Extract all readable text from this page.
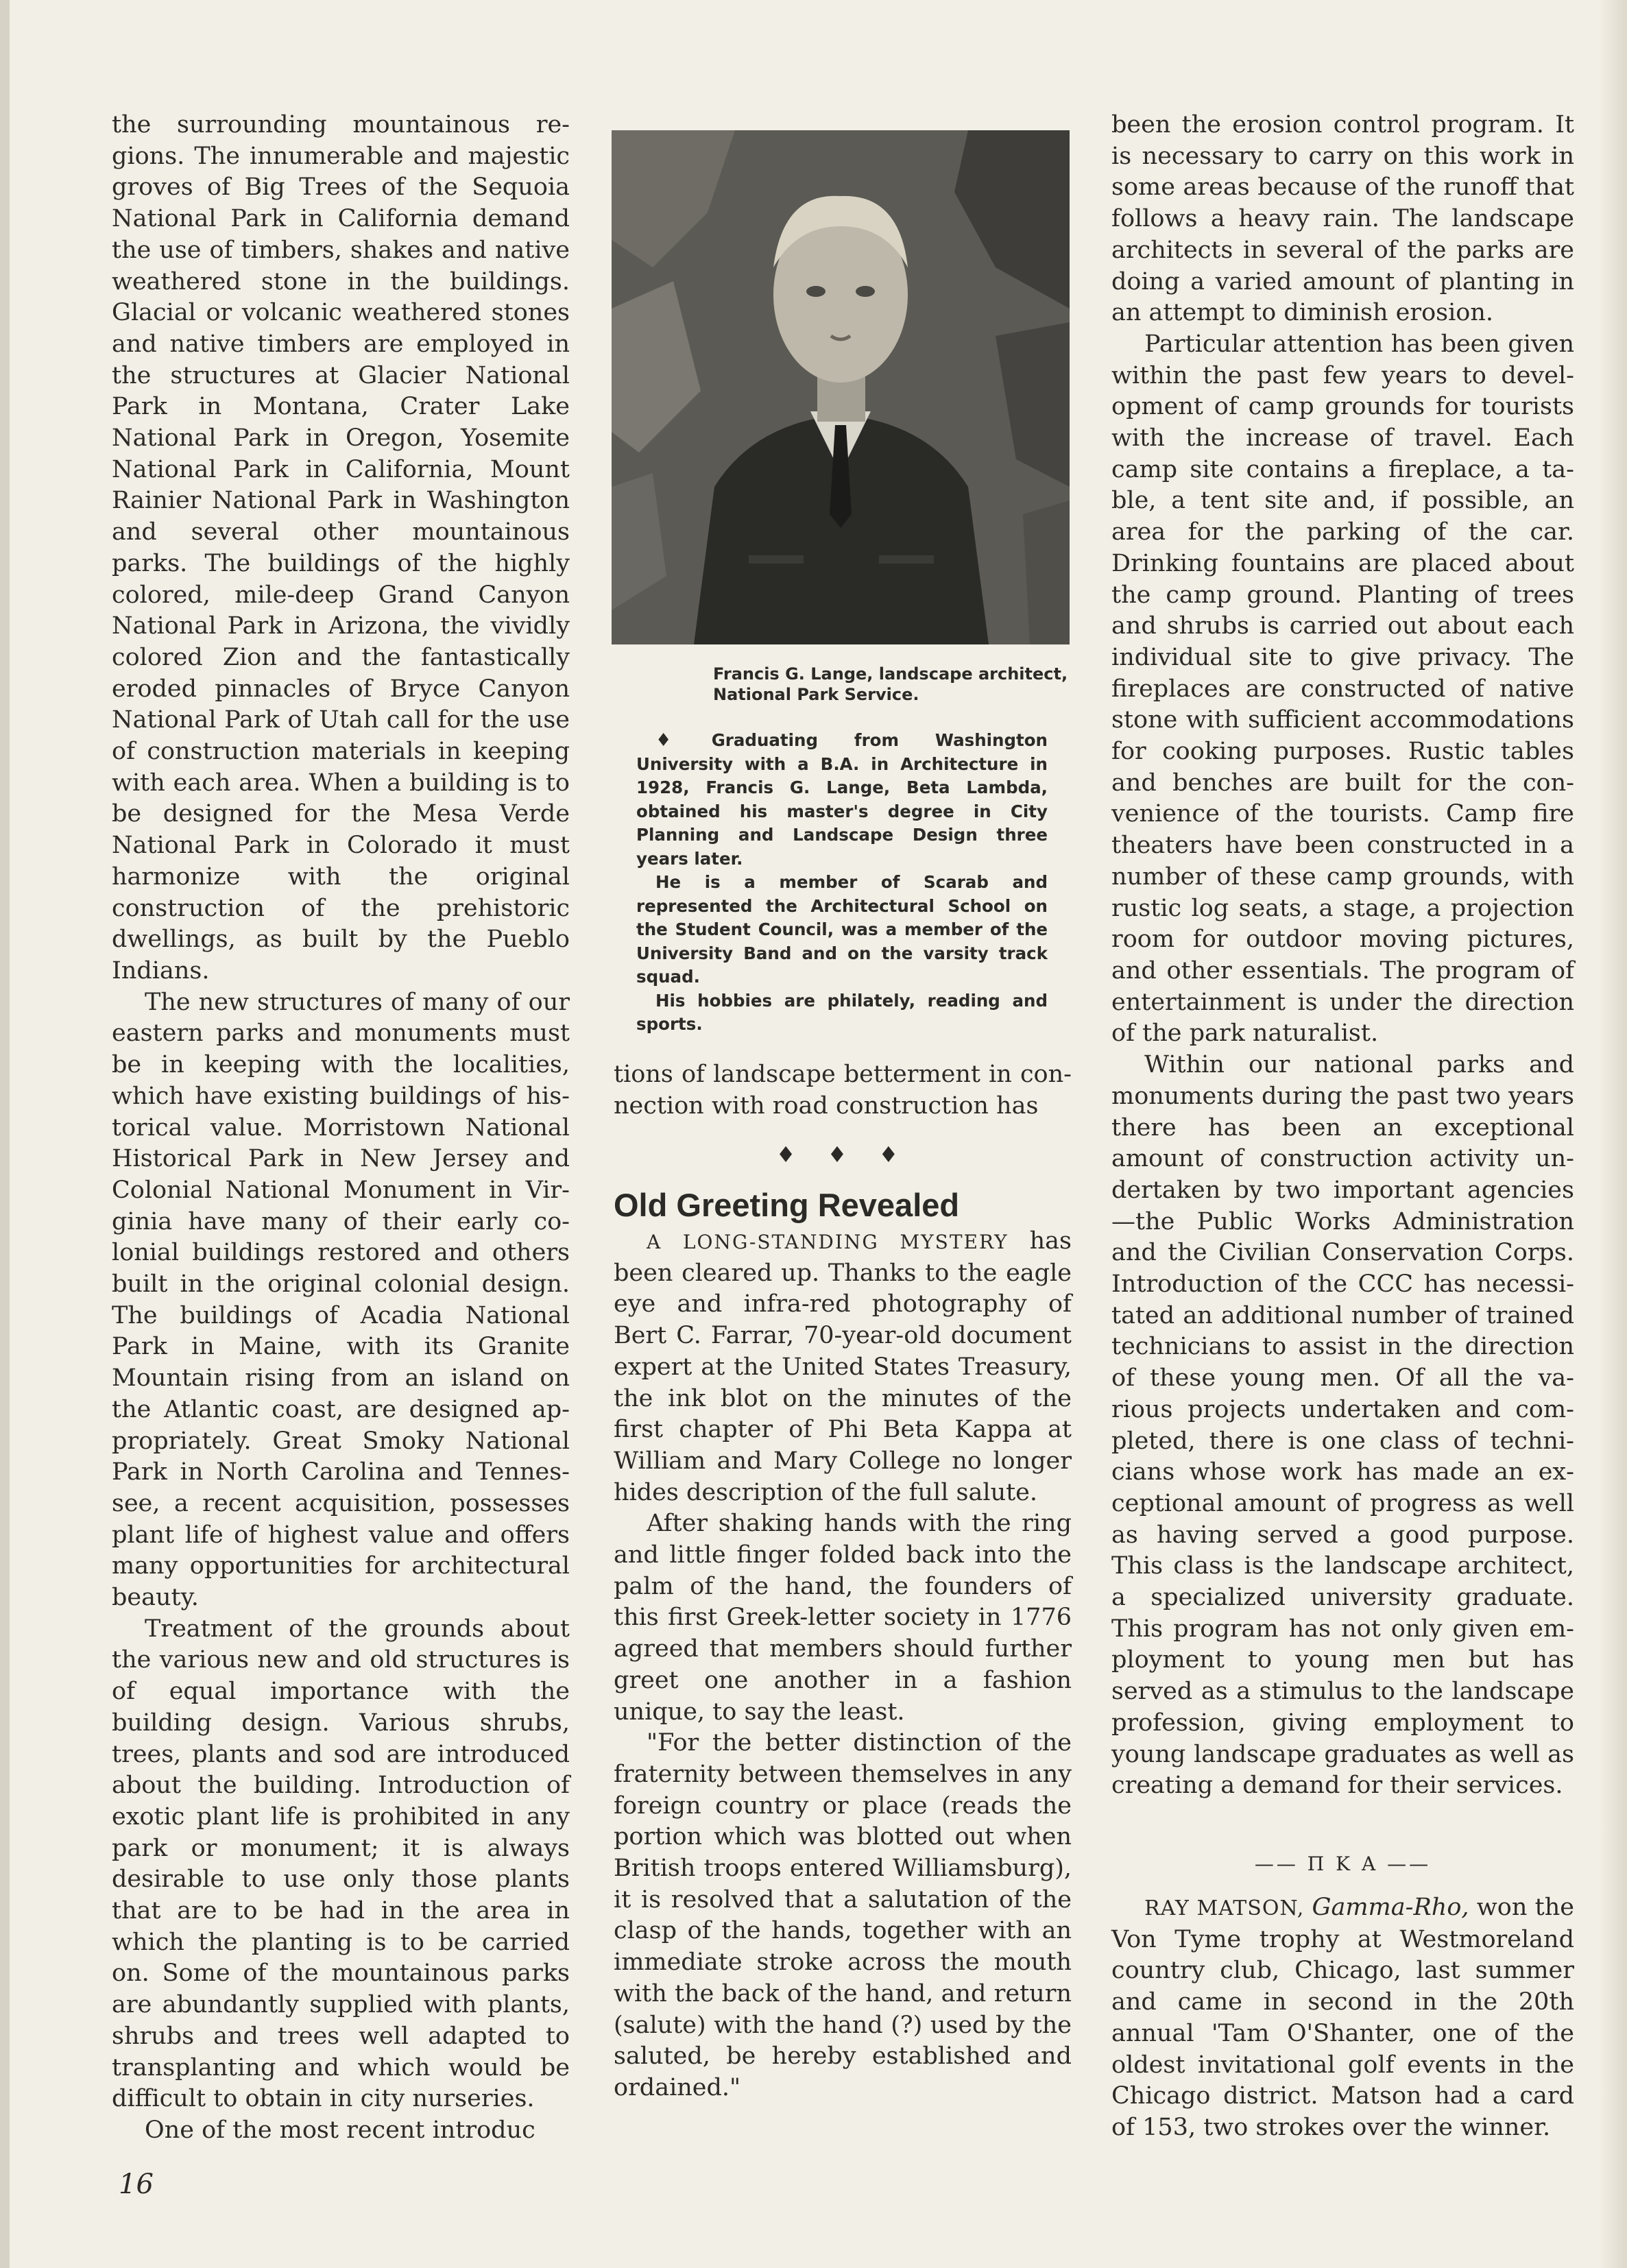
the surrounding mountainous regions. The innumerable and majestic groves of Big Trees of the Sequoia National Park in California demand the use of timbers, shakes and native weathered stone in the buildings. Glacial or volcanic weathered stones and native timbers are employed in the structures at Glacier National Park in Montana, Crater Lake National Park in Oregon, Yosemite National Park in California, Mount Rainier National Park in Washington and several other mountainous parks. The buildings of the highly colored, mile-deep Grand Canyon National Park in Arizona, the vividly colored Zion and the fantastically eroded pinnacles of Bryce Canyon National Park of Utah call for the use of construction materials in keeping with each area. When a building is to be designed for the Mesa Verde National Park in Colorado it must harmonize with the original construction of the prehistoric dwellings, as built by the Pueblo Indians.

The new structures of many of our eastern parks and monuments must be in keeping with the localities, which have existing buildings of historical value. Morristown National Historical Park in New Jersey and Colonial National Monument in Virginia have many of their early colonial buildings restored and others built in the original colonial design. The buildings of Acadia National Park in Maine, with its Granite Mountain rising from an island on the Atlantic coast, are designed appropriately. Great Smoky National Park in North Carolina and Tennessee, a recent acquisition, possesses plant life of highest value and offers many opportunities for architectural beauty.

Treatment of the grounds about the various new and old structures is of equal importance with the building design. Various shrubs, trees, plants and sod are introduced about the building. Introduction of exotic plant life is prohibited in any park or monument; it is always desirable to use only those plants that are to be had in the area in which the planting is to be carried on. Some of the mountainous parks are abundantly supplied with plants, shrubs and trees well adapted to transplanting and which would be difficult to obtain in city nurseries.

One of the most recent introduc

Francis G. Lange, landscape architect, National Park Service.

♦ Graduating from Washington University with a B.A. in Architecture in 1928, Francis G. Lange, Beta Lambda, obtained his master's degree in City Planning and Landscape Design three years later.

He is a member of Scarab and represented the Architectural School on the Student Council, was a member of the University Band and on the varsity track squad.

His hobbies are philately, reading and sports.

tions of landscape betterment in connection with road construction has

♦ ♦ ♦
Old Greeting Revealed

A LONG-STANDING MYSTERY has been cleared up. Thanks to the eagle eye and infra-red photography of Bert C. Farrar, 70-year-old document expert at the United States Treasury, the ink blot on the minutes of the first chapter of Phi Beta Kappa at William and Mary College no longer hides description of the full salute.

After shaking hands with the ring and little finger folded back into the palm of the hand, the founders of this first Greek-letter society in 1776 agreed that members should further greet one another in a fashion unique, to say the least.

"For the better distinction of the fraternity between themselves in any foreign country or place (reads the portion which was blotted out when British troops entered Williamsburg), it is resolved that a salutation of the clasp of the hands, together with an immediate stroke across the mouth with the back of the hand, and return (salute) with the hand (?) used by the saluted, be hereby established and ordained."

been the erosion control program. It is necessary to carry on this work in some areas because of the runoff that follows a heavy rain. The landscape architects in several of the parks are doing a varied amount of planting in an attempt to diminish erosion.

Particular attention has been given within the past few years to development of camp grounds for tourists with the increase of travel. Each camp site contains a fireplace, a table, a tent site and, if possible, an area for the parking of the car. Drinking fountains are placed about the camp ground. Planting of trees and shrubs is carried out about each individual site to give privacy. The fireplaces are constructed of native stone with sufficient accommodations for cooking purposes. Rustic tables and benches are built for the convenience of the tourists. Camp fire theaters have been constructed in a number of these camp grounds, with rustic log seats, a stage, a projection room for outdoor moving pictures, and other essentials. The program of entertainment is under the direction of the park naturalist.

Within our national parks and monuments during the past two years there has been an exceptional amount of construction activity undertaken by two important agencies —the Public Works Administration and the Civilian Conservation Corps. Introduction of the CCC has necessitated an additional number of trained technicians to assist in the direction of these young men. Of all the various projects undertaken and completed, there is one class of technicians whose work has made an exceptional amount of progress as well as having served a good purpose. This class is the landscape architect, a specialized university graduate. This program has not only given employment to young men but has served as a stimulus to the landscape profession, giving employment to young landscape graduates as well as creating a demand for their services.

—— Π K A ——

RAY MATSON, Gamma-Rho, won the Von Tyme trophy at Westmoreland country club, Chicago, last summer and came in second in the 20th annual 'Tam O'Shanter, one of the oldest invitational golf events in the Chicago district. Matson had a card of 153, two strokes over the winner.

16
